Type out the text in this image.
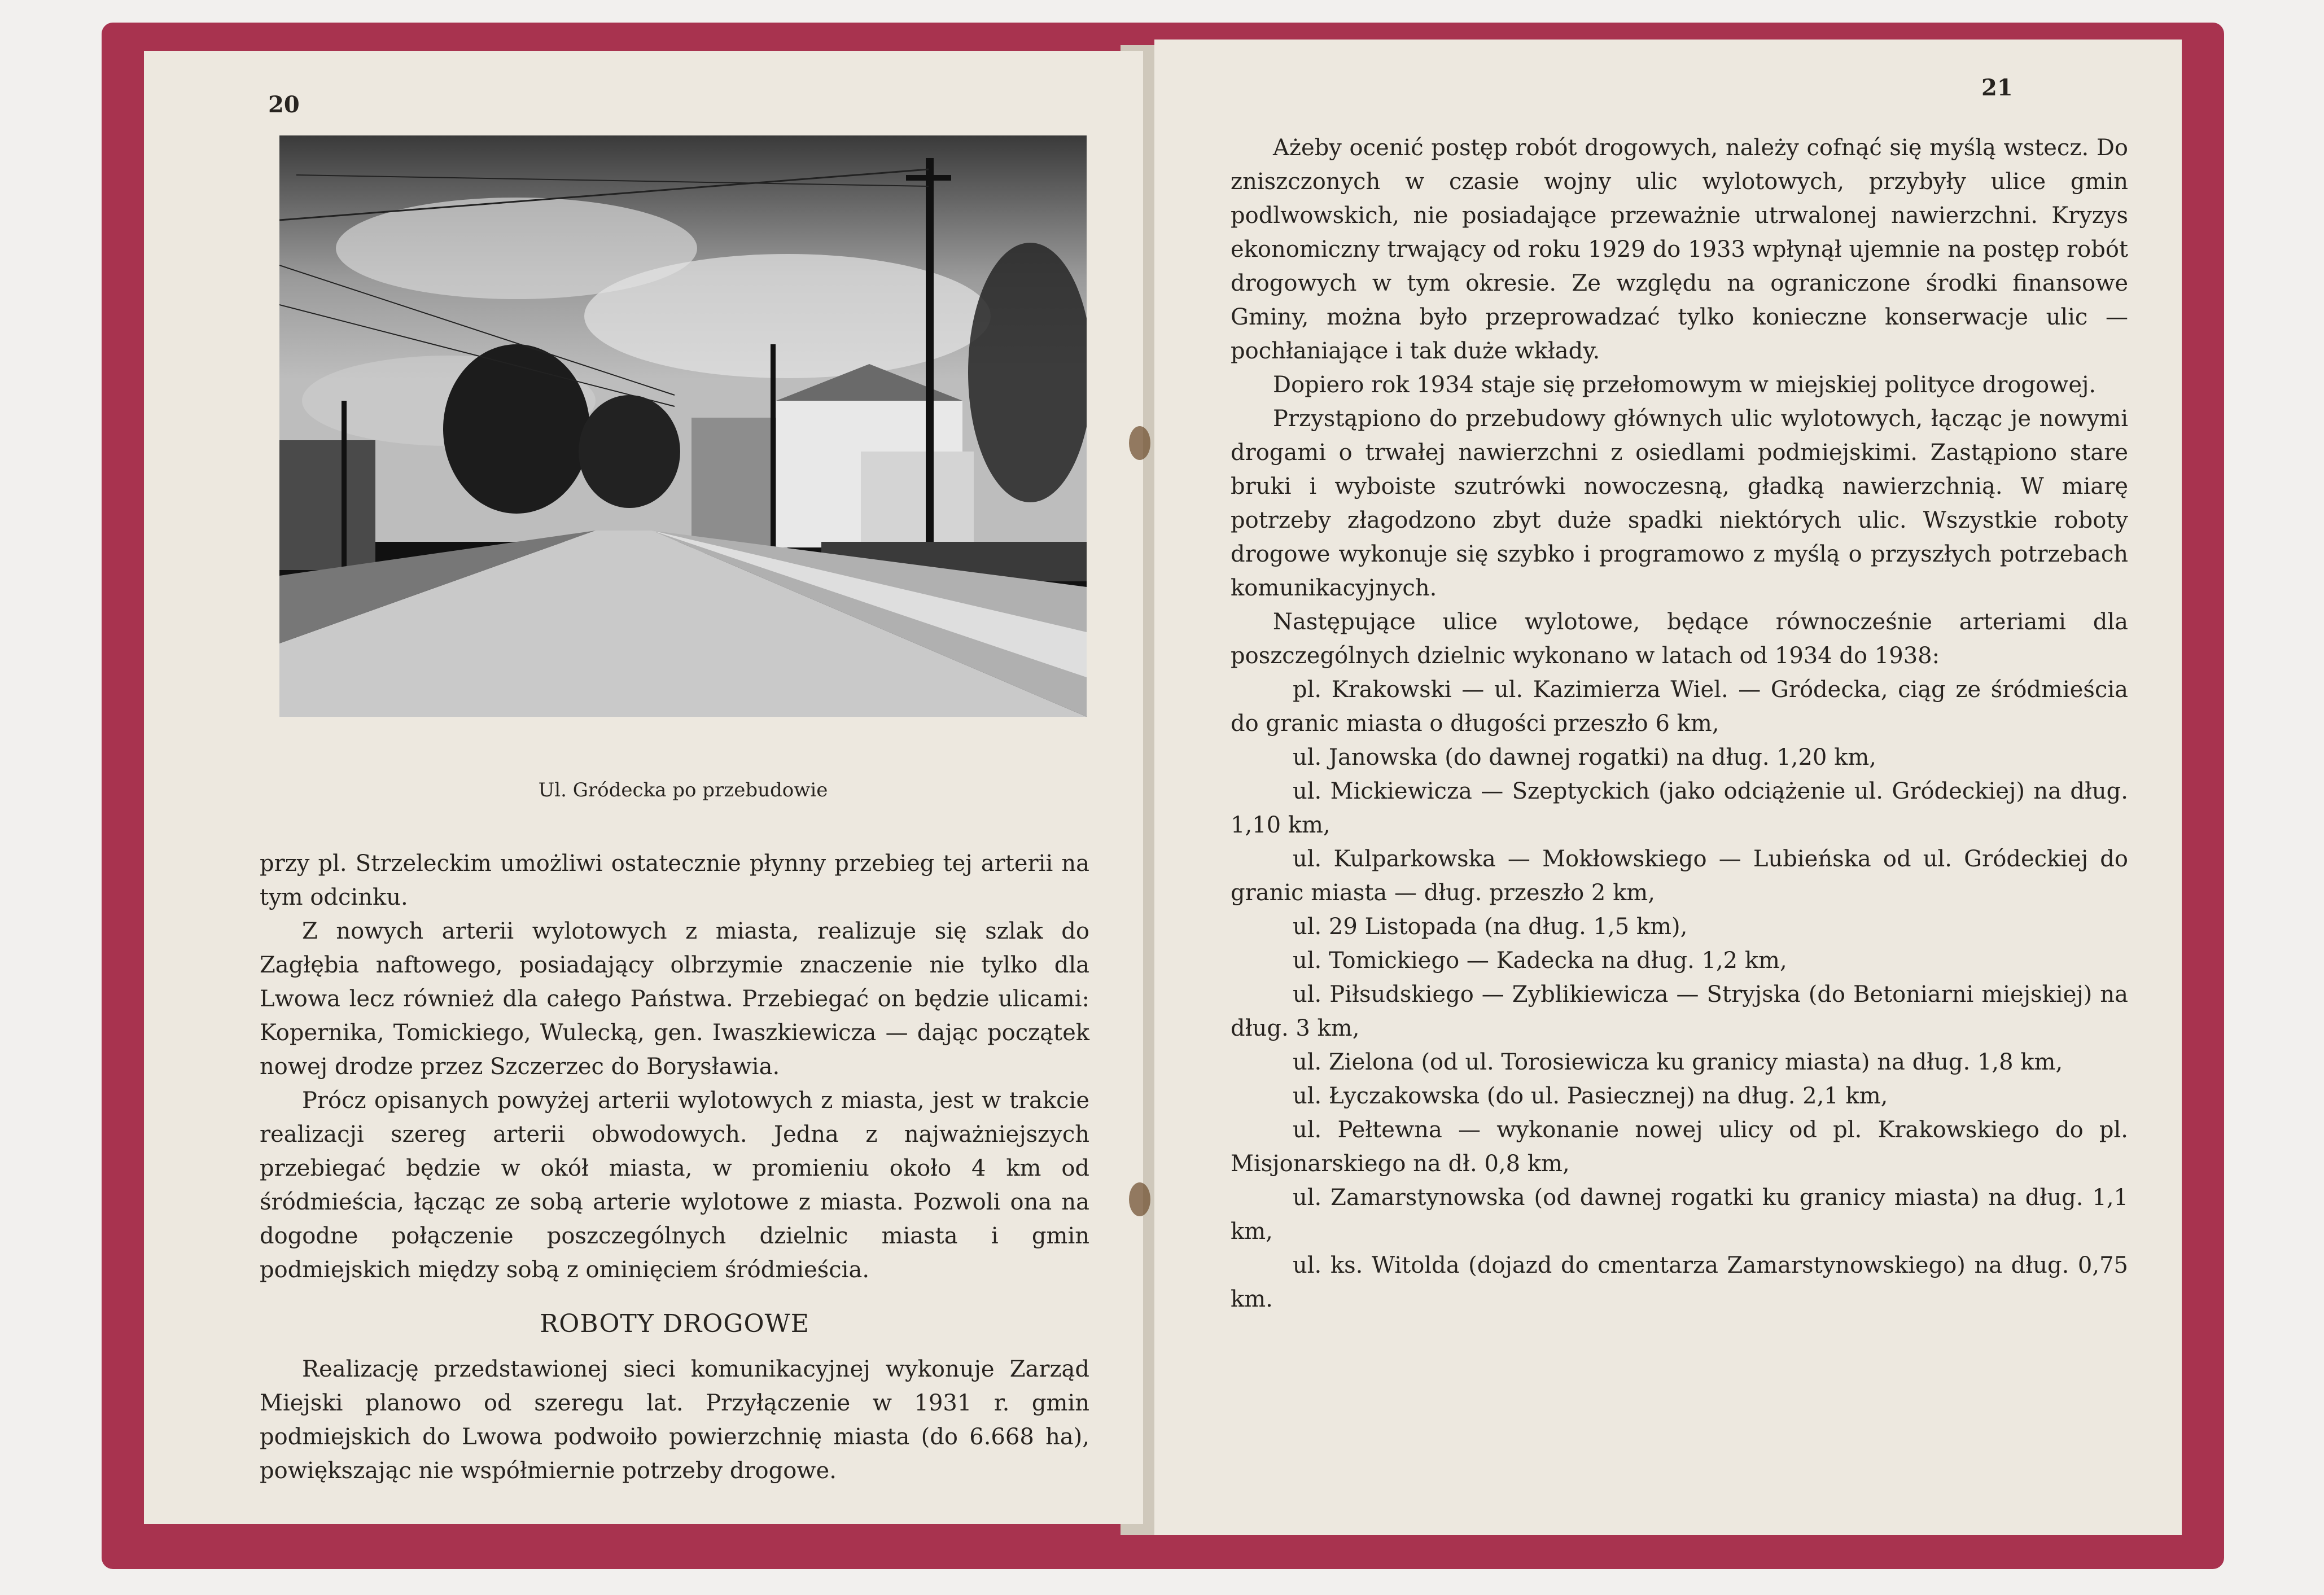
20
Ul. Gródecka po przebudowie

przy pl. Strzeleckim umożliwi ostatecznie płynny przebieg tej arterii na tym odcinku.

Z nowych arterii wylotowych z miasta, realizuje się szlak do Zagłębia naftowego, posiadający olbrzymie znaczenie nie tylko dla Lwowa lecz również dla całego Państwa. Przebiegać on będzie ulicami: Kopernika, Tomickiego, Wulecką, gen. Iwaszkiewicza — dając początek nowej drodze przez Szczerzec do Borysławia.

Prócz opisanych powyżej arterii wylotowych z miasta, jest w trakcie realizacji szereg arterii obwodowych. Jedna z najważniejszych przebiegać będzie w okół miasta, w promieniu około 4 km od śródmieścia, łącząc ze sobą arterie wylotowe z miasta. Pozwoli ona na dogodne połączenie poszczególnych dzielnic miasta i gmin podmiejskich między sobą z ominięciem śródmieścia.

ROBOTY DROGOWE

Realizację przedstawionej sieci komunikacyjnej wykonuje Zarząd Miejski planowo od szeregu lat. Przyłączenie w 1931 r. gmin podmiejskich do Lwowa podwoiło powierzchnię miasta (do 6.668 ha), powiększając nie współmiernie potrzeby drogowe.

21

Ażeby ocenić postęp robót drogowych, należy cofnąć się myślą wstecz. Do zniszczonych w czasie wojny ulic wylotowych, przybyły ulice gmin podlwowskich, nie posiadające przeważnie utrwalonej nawierzchni. Kryzys ekonomiczny trwający od roku 1929 do 1933 wpłynął ujemnie na postęp robót drogowych w tym okresie. Ze względu na ograniczone środki finansowe Gminy, można było przeprowadzać tylko konieczne konserwacje ulic — pochłaniające i tak duże wkłady.

Dopiero rok 1934 staje się przełomowym w miejskiej polityce drogowej.

Przystąpiono do przebudowy głównych ulic wylotowych, łącząc je nowymi drogami o trwałej nawierzchni z osiedlami podmiejskimi. Zastąpiono stare bruki i wyboiste szutrówki nowoczesną, gładką nawierzchnią. W miarę potrzeby złagodzono zbyt duże spadki niektórych ulic. Wszystkie roboty drogowe wykonuje się szybko i programowo z myślą o przyszłych potrzebach komunikacyjnych.

Następujące ulice wylotowe, będące równocześnie arteriami dla poszczególnych dzielnic wykonano w latach od 1934 do 1938:

pl. Krakowski — ul. Kazimierza Wiel. — Gródecka, ciąg ze śródmieścia do granic miasta o długości przeszło 6 km,

ul. Janowska (do dawnej rogatki) na dług. 1,20 km,

ul. Mickiewicza — Szeptyckich (jako odciążenie ul. Gródeckiej) na dług. 1,10 km,

ul. Kulparkowska — Mokłowskiego — Lubieńska od ul. Gródeckiej do granic miasta — dług. przeszło 2 km,

ul. 29 Listopada (na dług. 1,5 km),

ul. Tomickiego — Kadecka na dług. 1,2 km,

ul. Piłsudskiego — Zyblikiewicza — Stryjska (do Betoniarni miejskiej) na dług. 3 km,

ul. Zielona (od ul. Torosiewicza ku granicy miasta) na dług. 1,8 km,

ul. Łyczakowska (do ul. Pasiecznej) na dług. 2,1 km,

ul. Pełtewna — wykonanie nowej ulicy od pl. Krakowskiego do pl. Misjonarskiego na dł. 0,8 km,

ul. Zamarstynowska (od dawnej rogatki ku granicy miasta) na dług. 1,1 km,

ul. ks. Witolda (dojazd do cmentarza Zamarstynowskiego) na dług. 0,75 km.
